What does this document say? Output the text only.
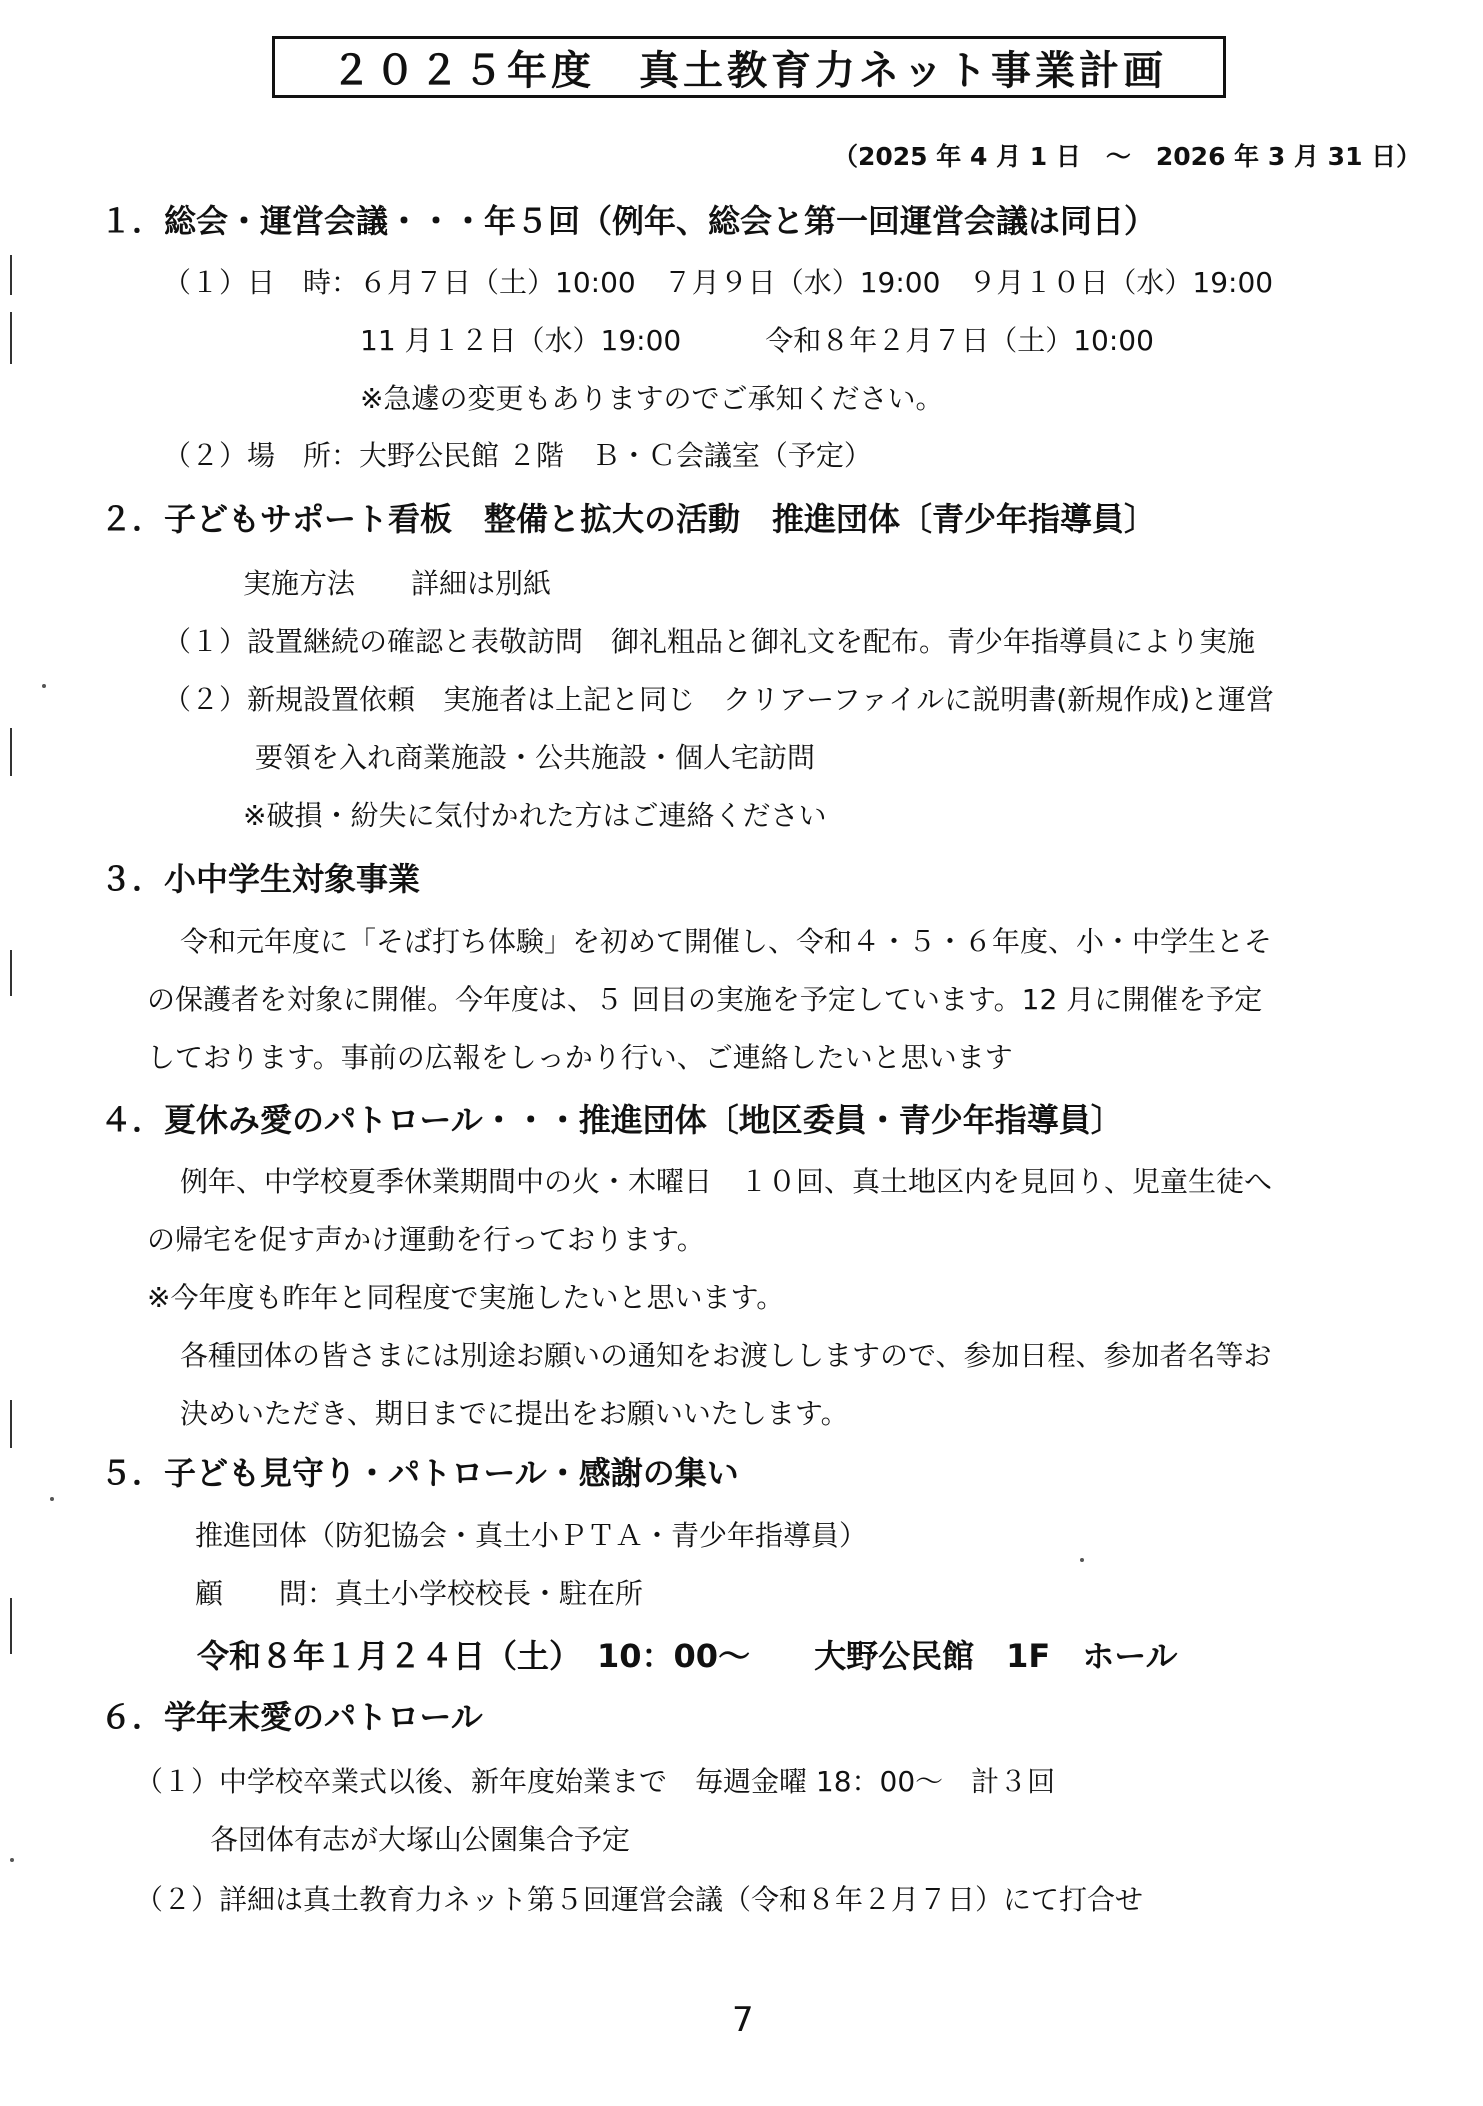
２０２５年度　真土教育力ネット事業計画
（2025 年 4 月 1 日　～　2026 年 3 月 31 日）
１．総会・運営会議・・・年５回（例年、総会と第一回運営会議は同日）
（１）日　時：６月７日（土）10:00　７月９日（水）19:00　９月１０日（水）19:00
11 月１２日（水）19:00　　　令和８年２月７日（土）10:00
※急遽の変更もありますのでご承知ください。
（２）場　所：大野公民館 ２階　Ｂ・Ｃ会議室（予定）
２．子どもサポート看板　整備と拡大の活動　推進団体〔青少年指導員〕
実施方法　　詳細は別紙
（１）設置継続の確認と表敬訪問　御礼粗品と御礼文を配布。青少年指導員により実施
（２）新規設置依頼　実施者は上記と同じ　クリアーファイルに説明書(新規作成)と運営
要領を入れ商業施設・公共施設・個人宅訪問
※破損・紛失に気付かれた方はご連絡ください
３．小中学生対象事業
令和元年度に「そば打ち体験」を初めて開催し、令和４・５・６年度、小・中学生とそ
の保護者を対象に開催。今年度は、５ 回目の実施を予定しています。12 月に開催を予定
しております。事前の広報をしっかり行い、ご連絡したいと思います
４．夏休み愛のパトロール・・・推進団体〔地区委員・青少年指導員〕
例年、中学校夏季休業期間中の火・木曜日　１０回、真土地区内を見回り、児童生徒へ
の帰宅を促す声かけ運動を行っております。
※今年度も昨年と同程度で実施したいと思います。
各種団体の皆さまには別途お願いの通知をお渡ししますので、参加日程、参加者名等お
決めいただき、期日までに提出をお願いいたします。
５．子ども見守り・パトロール・感謝の集い
推進団体（防犯協会・真土小ＰＴＡ・青少年指導員）
顧　　問：真土小学校校長・駐在所
令和８年１月２４日（土）　10：00～　　大野公民館　1F　ホール
６．学年末愛のパトロール
（１）中学校卒業式以後、新年度始業まで　毎週金曜 18：00～　計３回
各団体有志が大塚山公園集合予定
（２）詳細は真土教育力ネット第５回運営会議（令和８年２月７日）にて打合せ
7
